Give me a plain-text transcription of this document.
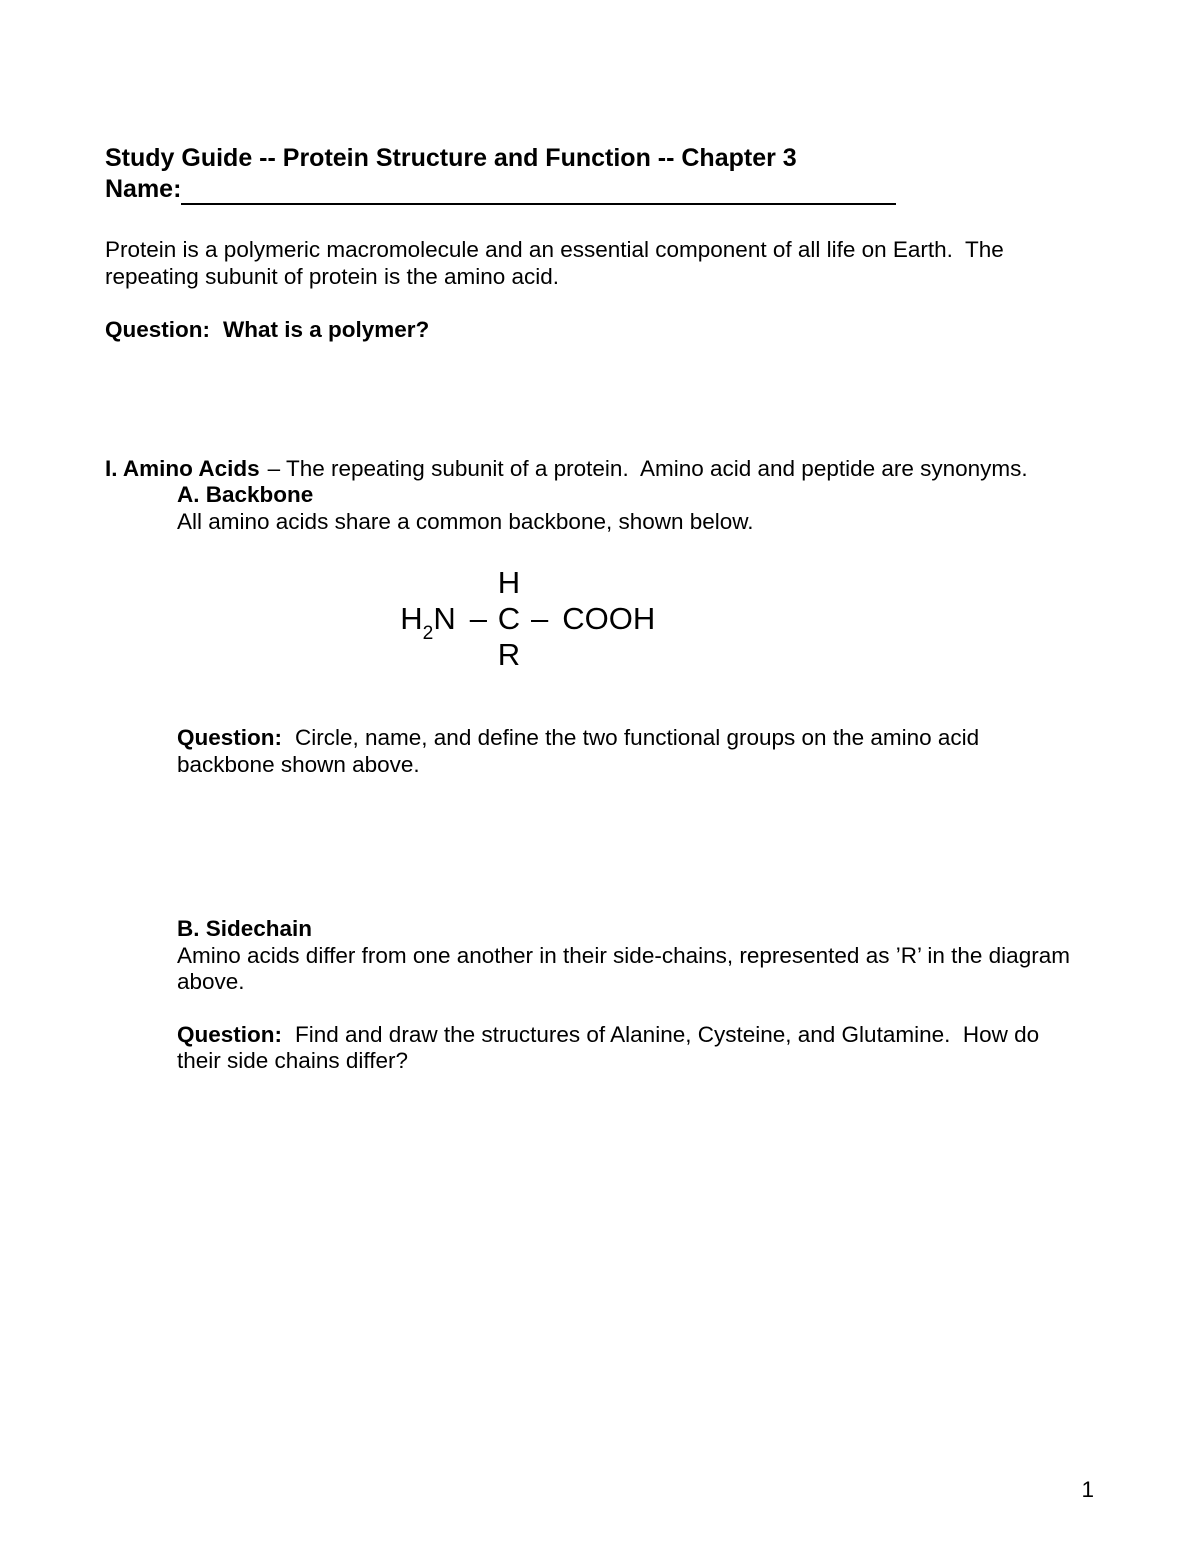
Study Guide -- Protein Structure and Function -- Chapter 3
Name:

Protein is a polymeric macromolecule and an essential component of all life on Earth.  The repeating subunit of protein is the amino acid.

Question: What is a polymer?

I. Amino Acids – The repeating subunit of a protein.  Amino acid and peptide are synonyms.

A. Backbone

All amino acids share a common backbone, shown below.

H
$H_2N$ – C – COOH
R

Question: Circle, name, and define the two functional groups on the amino acid backbone shown above.

B. Sidechain

Amino acids differ from one another in their side-chains, represented as ’R’ in the diagram above.

Question: Find and draw the structures of Alanine, Cysteine, and Glutamine.  How do their side chains differ?

1
